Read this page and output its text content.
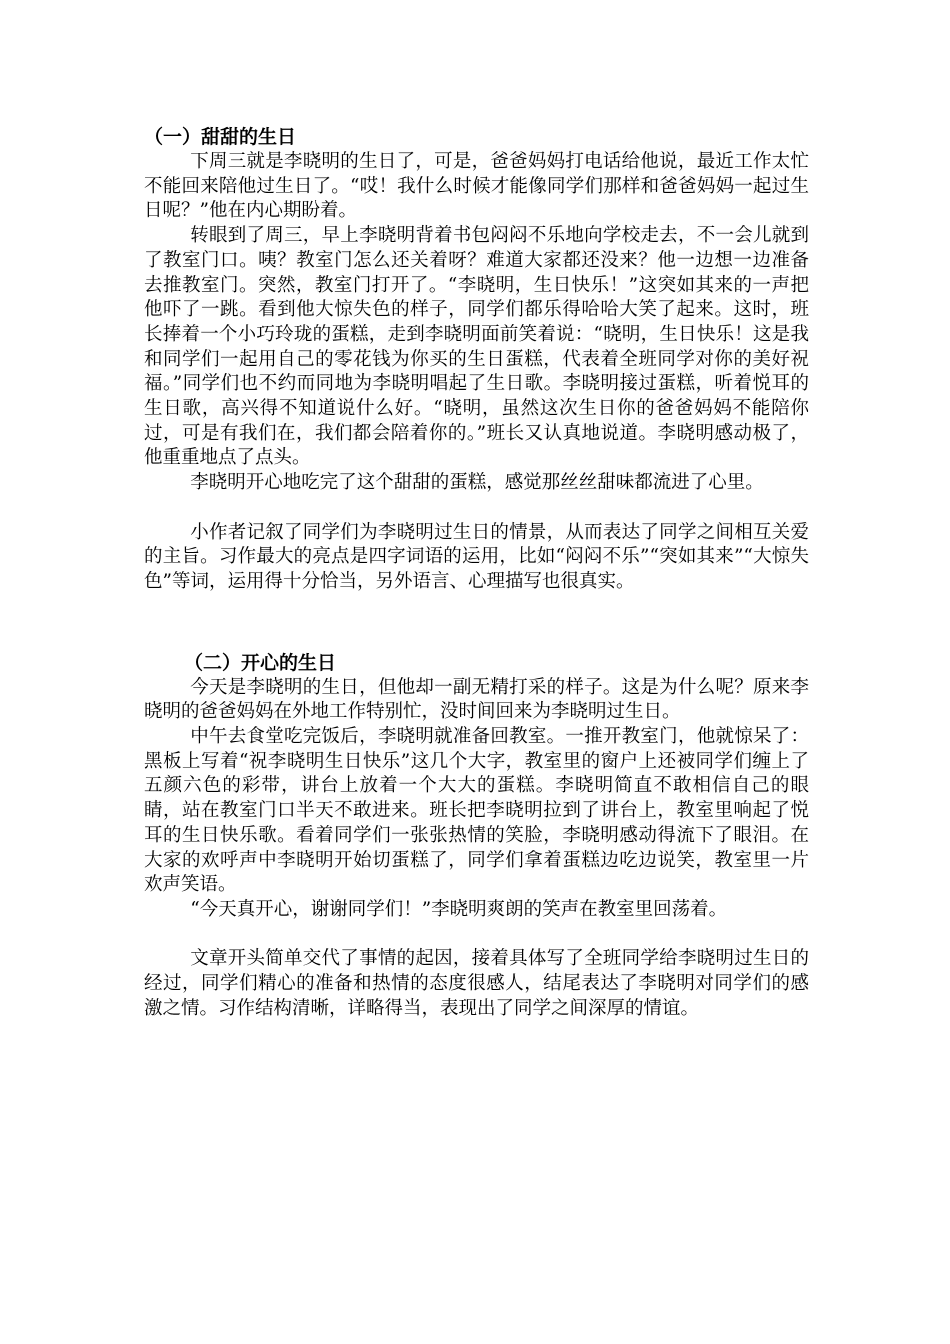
（一）甜甜的生日

下周三就是李晓明的生日了，可是，爸爸妈妈打电话给他说，最近工作太忙不能回来陪他过生日了。“哎！我什么时候才能像同学们那样和爸爸妈妈一起过生日呢？”他在内心期盼着。

转眼到了周三，早上李晓明背着书包闷闷不乐地向学校走去，不一会儿就到了教室门口。咦？教室门怎么还关着呀？难道大家都还没来？他一边想一边准备去推教室门。突然，教室门打开了。“李晓明，生日快乐！”这突如其来的一声把他吓了一跳。看到他大惊失色的样子，同学们都乐得哈哈大笑了起来。这时，班长捧着一个小巧玲珑的蛋糕，走到李晓明面前笑着说：“晓明，生日快乐！这是我和同学们一起用自己的零花钱为你买的生日蛋糕，代表着全班同学对你的美好祝福。”同学们也不约而同地为李晓明唱起了生日歌。李晓明接过蛋糕，听着悦耳的生日歌，高兴得不知道说什么好。“晓明，虽然这次生日你的爸爸妈妈不能陪你过，可是有我们在，我们都会陪着你的。”班长又认真地说道。李晓明感动极了，他重重地点了点头。

李晓明开心地吃完了这个甜甜的蛋糕，感觉那丝丝甜味都流进了心里。

小作者记叙了同学们为李晓明过生日的情景，从而表达了同学之间相互关爱的主旨。习作最大的亮点是四字词语的运用，比如“闷闷不乐”“突如其来”“大惊失色”等词，运用得十分恰当，另外语言、心理描写也很真实。

（二）开心的生日

今天是李晓明的生日，但他却一副无精打采的样子。这是为什么呢？原来李晓明的爸爸妈妈在外地工作特别忙，没时间回来为李晓明过生日。

中午去食堂吃完饭后，李晓明就准备回教室。一推开教室门，他就惊呆了：黑板上写着“祝李晓明生日快乐”这几个大字，教室里的窗户上还被同学们缠上了五颜六色的彩带，讲台上放着一个大大的蛋糕。李晓明简直不敢相信自己的眼睛，站在教室门口半天不敢进来。班长把李晓明拉到了讲台上，教室里响起了悦耳的生日快乐歌。看着同学们一张张热情的笑脸，李晓明感动得流下了眼泪。在大家的欢呼声中李晓明开始切蛋糕了，同学们拿着蛋糕边吃边说笑，教室里一片欢声笑语。

“今天真开心，谢谢同学们！”李晓明爽朗的笑声在教室里回荡着。

文章开头简单交代了事情的起因，接着具体写了全班同学给李晓明过生日的经过，同学们精心的准备和热情的态度很感人，结尾表达了李晓明对同学们的感激之情。习作结构清晰，详略得当，表现出了同学之间深厚的情谊。
